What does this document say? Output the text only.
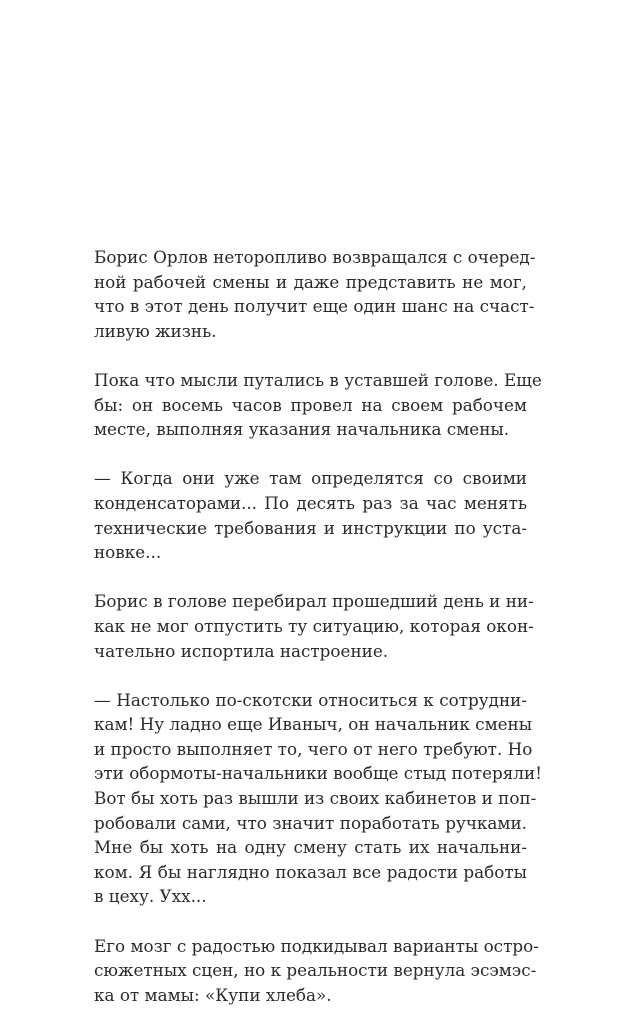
Борис Орлов неторопливо возвращался с очеред-
ной рабочей смены и даже представить не мог,
что в этот день получит еще один шанс на счаст-
ливую жизнь.

Пока что мысли путались в уставшей голове. Еще
бы: он восемь часов провел на своем рабочем
месте, выполняя указания начальника смены.

— Когда они уже там определятся со своими
конденсаторами... По десять раз за час менять
технические требования и инструкции по уста-
новке...

Борис в голове перебирал прошедший день и ни-
как не мог отпустить ту ситуацию, которая окон-
чательно испортила настроение.

— Настолько по-скотски относиться к сотрудни-
кам! Ну ладно еще Иваныч, он начальник смены
и просто выполняет то, чего от него требуют. Но
эти обормоты-начальники вообще стыд потеряли!
Вот бы хоть раз вышли из своих кабинетов и поп-
робовали сами, что значит поработать ручками.
Мне бы хоть на одну смену стать их начальни-
ком. Я бы наглядно показал все радости работы
в цеху. Ухх...

Его мозг с радостью подкидывал варианты остро-
сюжетных сцен, но к реальности вернула эсэмэс-
ка от мамы: «Купи хлеба».
